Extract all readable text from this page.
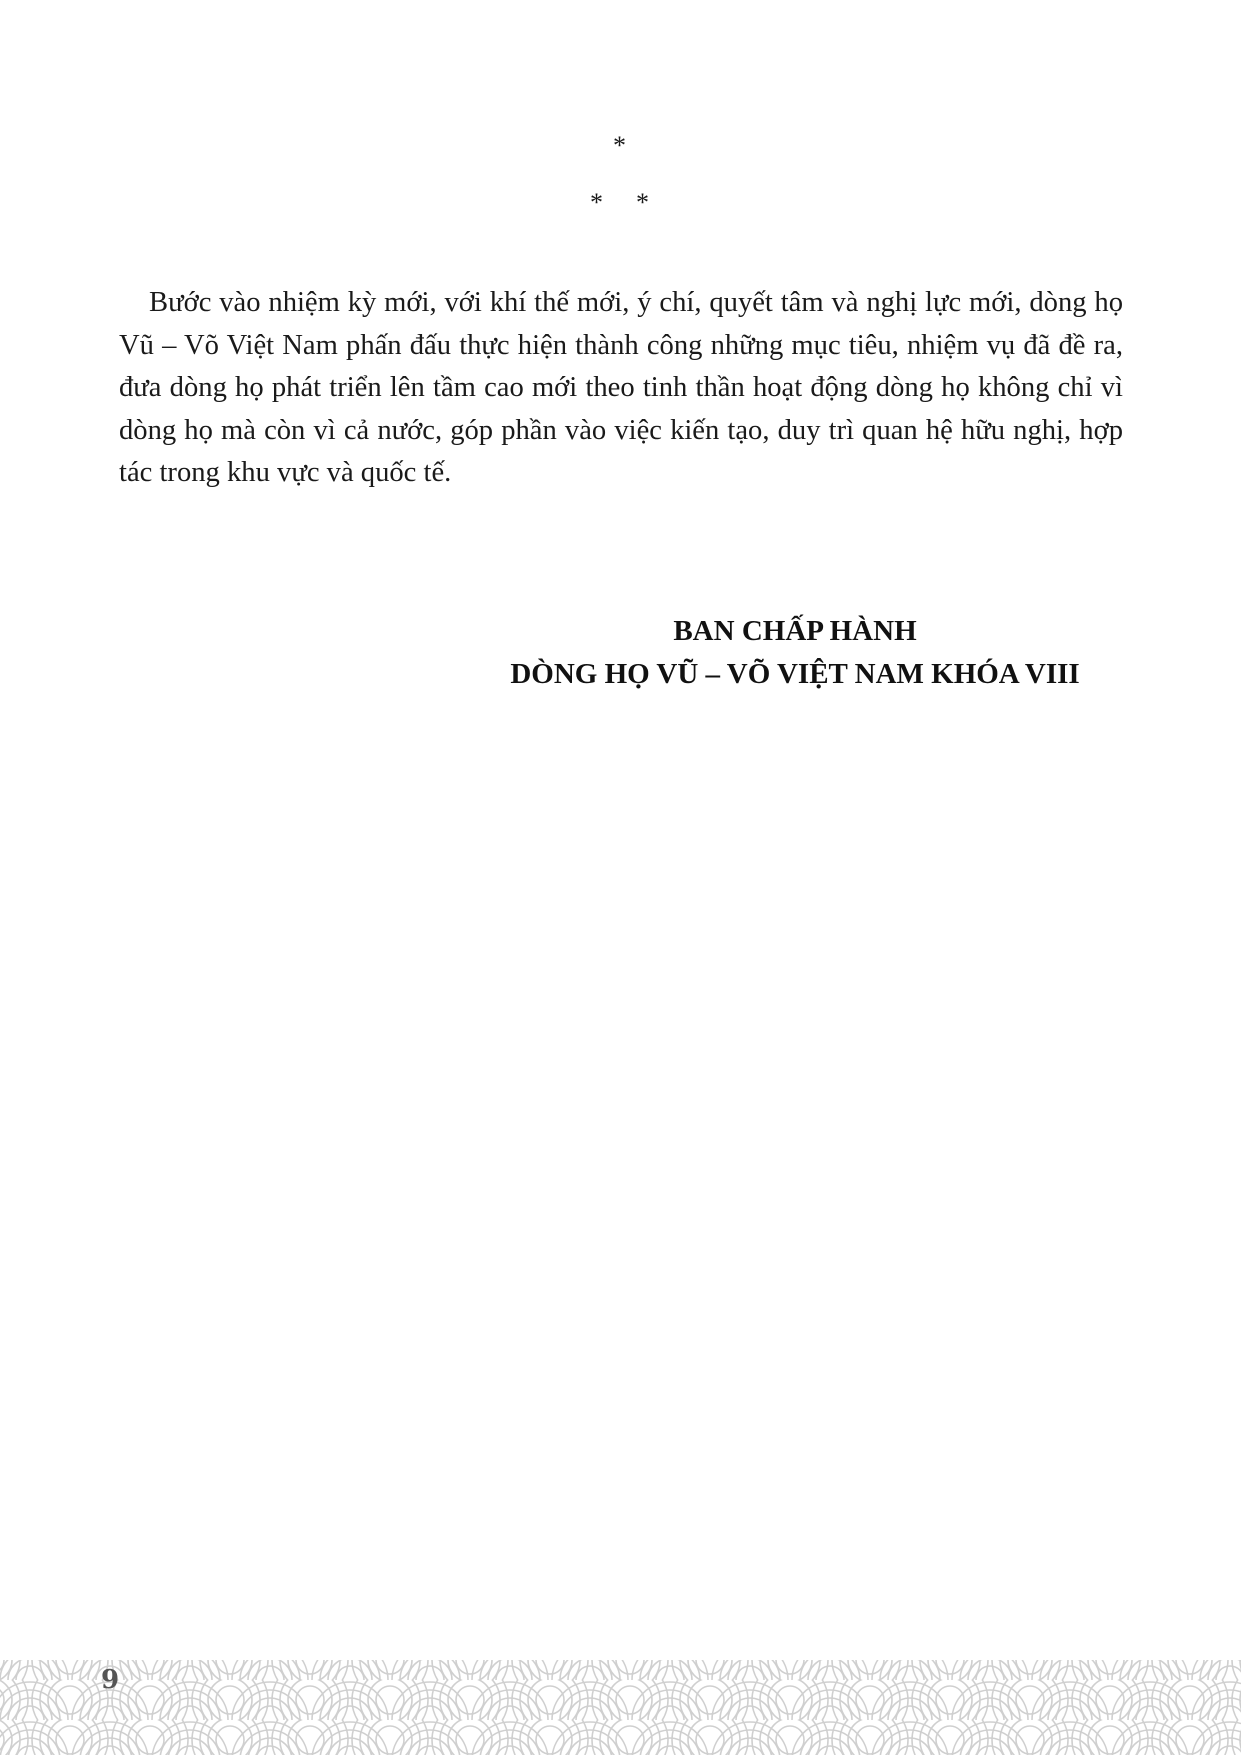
*
* *

Bước vào nhiệm kỳ mới, với khí thế mới, ý chí, quyết tâm và nghị lực mới, dòng họ Vũ – Võ Việt Nam phấn đấu thực hiện thành công những mục tiêu, nhiệm vụ đã đề ra, đưa dòng họ phát triển lên tầm cao mới theo tinh thần hoạt động dòng họ không chỉ vì dòng họ mà còn vì cả nước, góp phần vào việc kiến tạo, duy trì quan hệ hữu nghị, hợp tác trong khu vực và quốc tế.

BAN CHẤP HÀNH
DÒNG HỌ VŨ – VÕ VIỆT NAM KHÓA VIII
9
